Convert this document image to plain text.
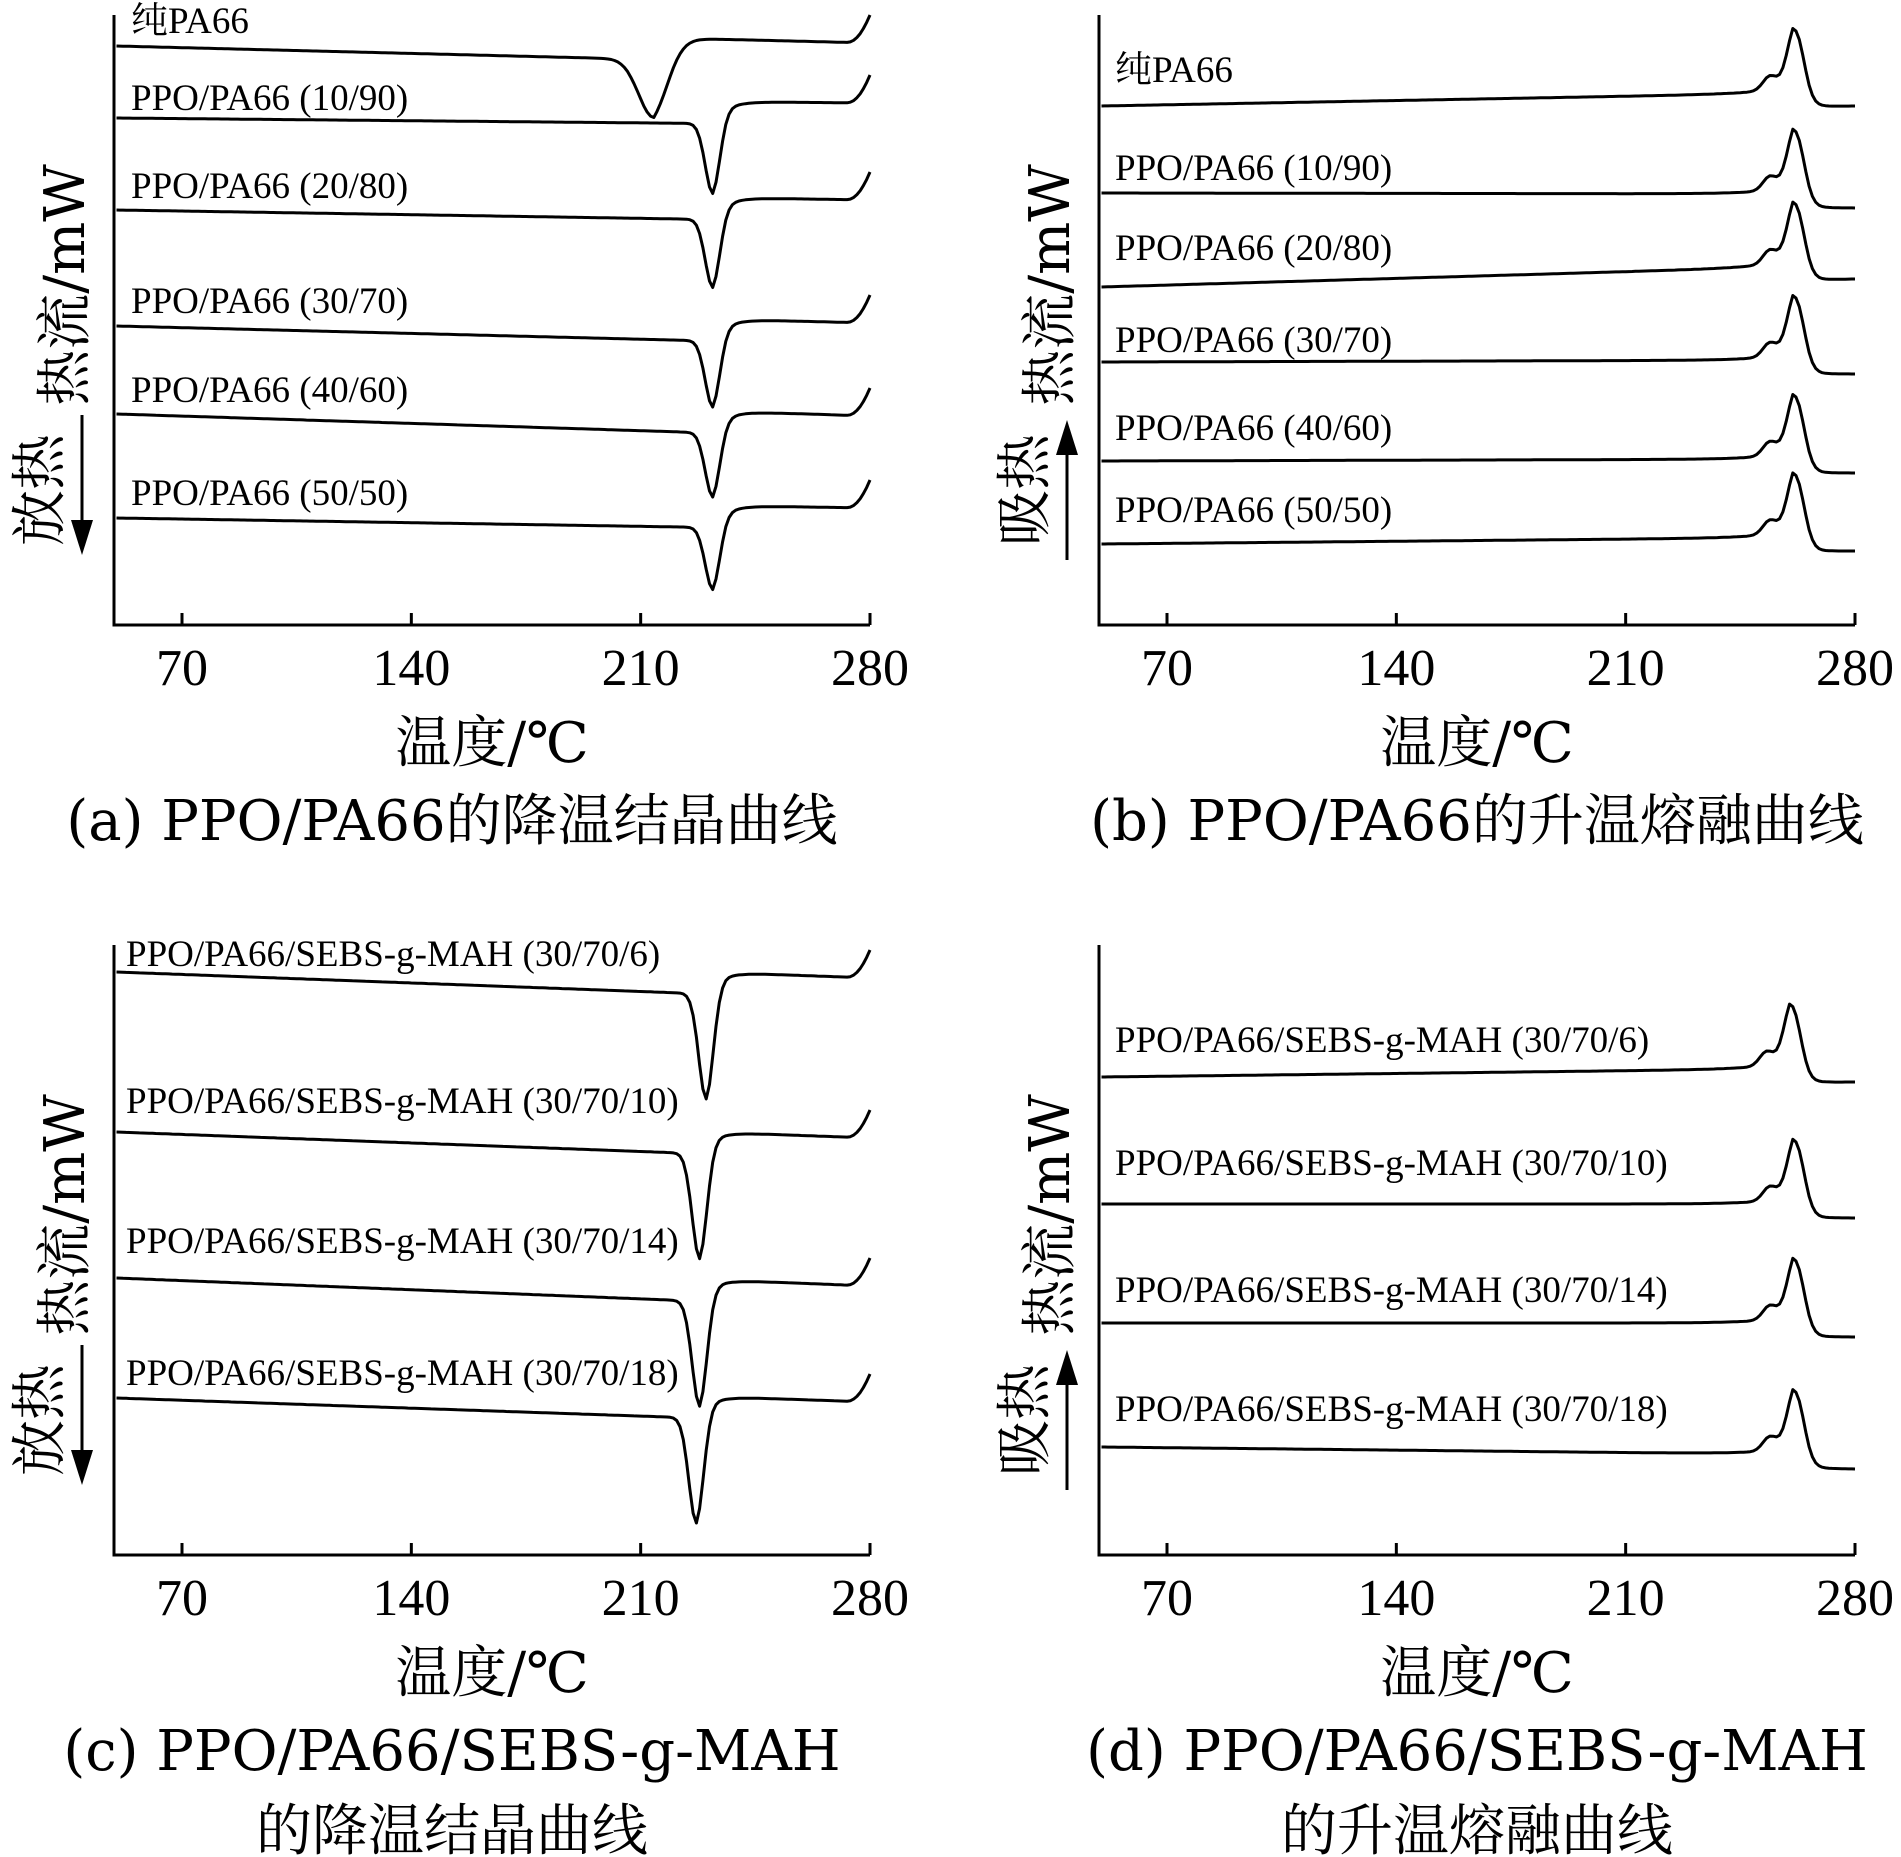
70	140	210	280
温度/℃
(a) PPO/PA66的降温结晶曲线
热流/mW
放热
纯PA66
PPO/PA66 (10/90)
PPO/PA66 (20/80)
PPO/PA66 (30/70)
PPO/PA66 (40/60)
PPO/PA66 (50/50)
70	140	210	280
温度/℃
(b) PPO/PA66的升温熔融曲线
热流/mW
吸热
纯PA66
PPO/PA66 (10/90)
PPO/PA66 (20/80)
PPO/PA66 (30/70)
PPO/PA66 (40/60)
PPO/PA66 (50/50)
70	140	210	280
温度/℃
(c) PPO/PA66/SEBS-g-MAH
的降温结晶曲线
热流/mW
放热
PPO/PA66/SEBS-g-MAH (30/70/6)
PPO/PA66/SEBS-g-MAH (30/70/10)
PPO/PA66/SEBS-g-MAH (30/70/14)
PPO/PA66/SEBS-g-MAH (30/70/18)
70	140	210	280
温度/℃
(d) PPO/PA66/SEBS-g-MAH
的升温熔融曲线
热流/mW
吸热
PPO/PA66/SEBS-g-MAH (30/70/6)
PPO/PA66/SEBS-g-MAH (30/70/10)
PPO/PA66/SEBS-g-MAH (30/70/14)
PPO/PA66/SEBS-g-MAH (30/70/18)
